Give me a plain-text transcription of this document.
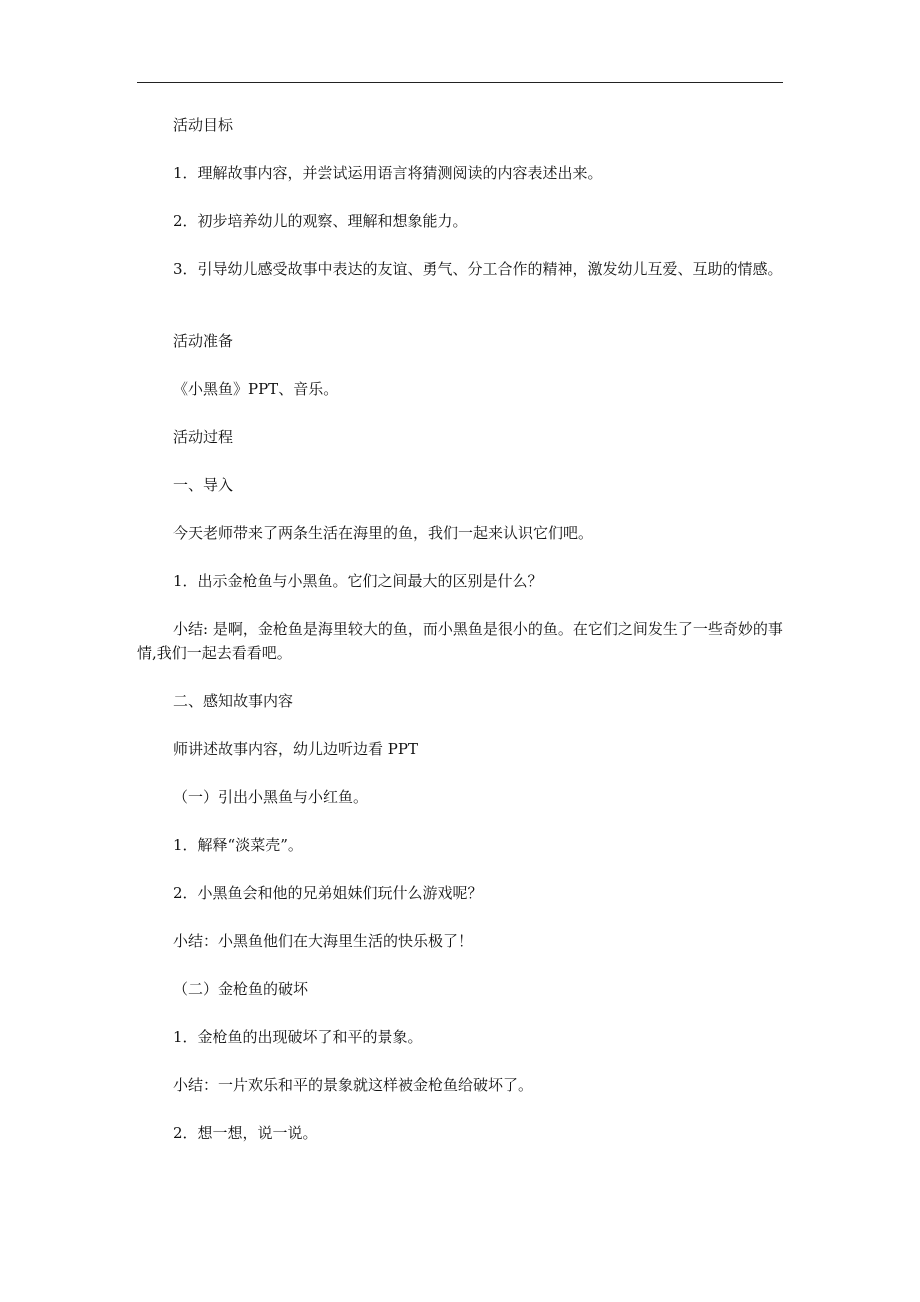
活动目标

1．理解故事内容，并尝试运用语言将猜测阅读的内容表述出来。

2．初步培养幼儿的观察、理解和想象能力。

3．引导幼儿感受故事中表达的友谊、勇气、分工合作的精神，激发幼儿互爱、互助的情感。

活动准备

《小黑鱼》PPT、音乐。

活动过程

一、导入

今天老师带来了两条生活在海里的鱼，我们一起来认识它们吧。

1．出示金枪鱼与小黑鱼。它们之间最大的区别是什么？

小结: 是啊，金枪鱼是海里较大的鱼，而小黑鱼是很小的鱼。在它们之间发生了一些奇妙的事情,我们一起去看看吧。

二、感知故事内容

师讲述故事内容，幼儿边听边看 PPT

（一）引出小黑鱼与小红鱼。

1．解释“淡菜壳”。

2．小黑鱼会和他的兄弟姐妹们玩什么游戏呢？

小结：小黑鱼他们在大海里生活的快乐极了！

（二）金枪鱼的破坏

1．金枪鱼的出现破坏了和平的景象。

小结：一片欢乐和平的景象就这样被金枪鱼给破坏了。

2．想一想，说一说。
